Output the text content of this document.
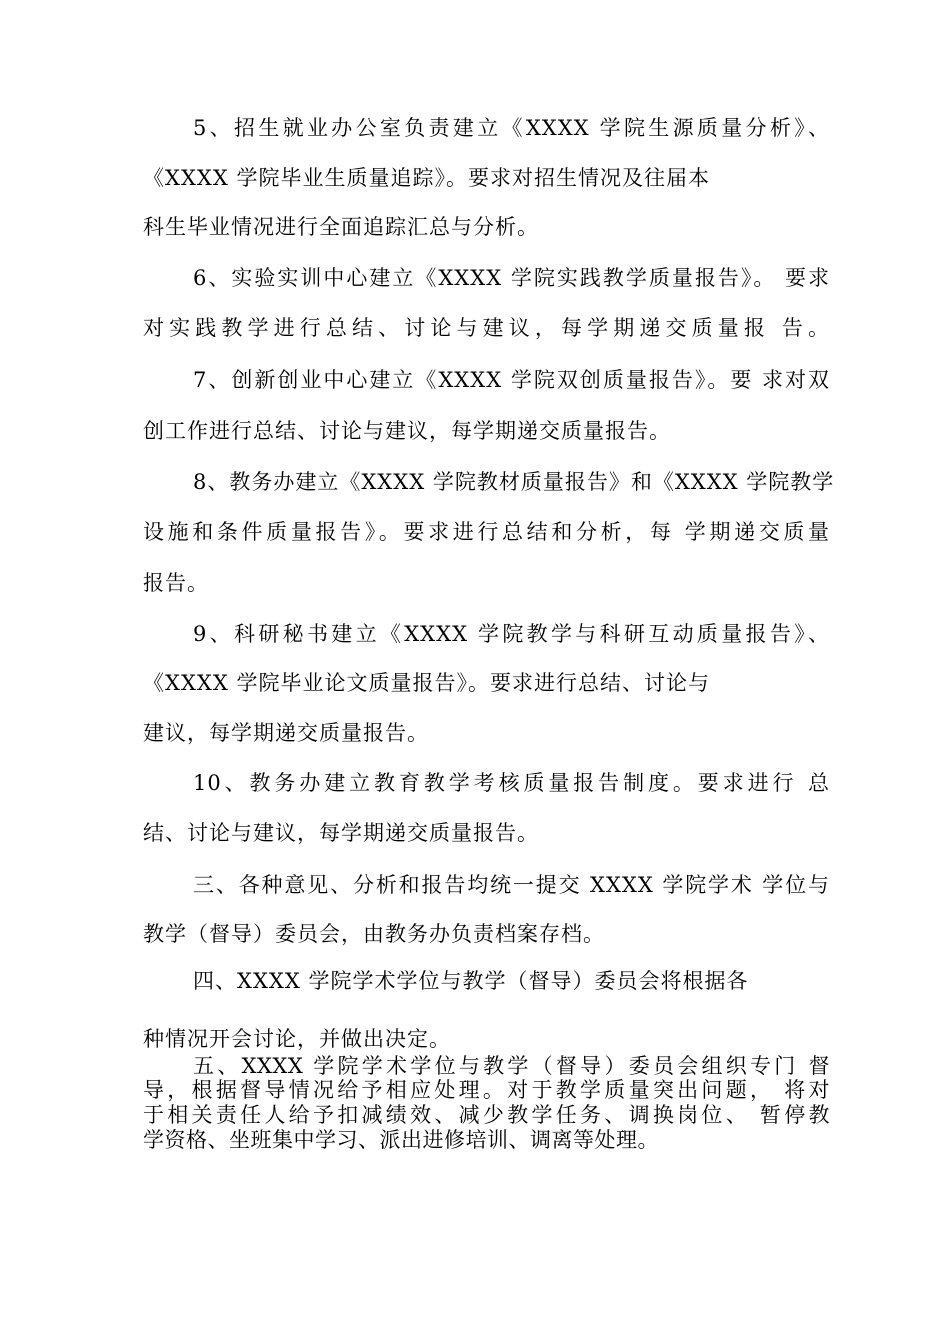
5、招生就业办公室负责建立《XXXX 学院生源质量分析》、
《XXXX 学院毕业生质量追踪》。要求对招生情况及往届本
科生毕业情况进行全面追踪汇总与分析。
6、实验实训中心建立《XXXX 学院实践教学质量报告》。 要求
对实践教学进行总结、讨论与建议，每学期递交质量报 告。
7、创新创业中心建立《XXXX 学院双创质量报告》。要 求对双
创工作进行总结、讨论与建议，每学期递交质量报告。
8、教务办建立《XXXX 学院教材质量报告》和《XXXX 学院教学
设施和条件质量报告》。要求进行总结和分析，每 学期递交质量
报告。
9、科研秘书建立《XXXX 学院教学与科研互动质量报告》、
《XXXX 学院毕业论文质量报告》。要求进行总结、讨论与
建议，每学期递交质量报告。
10、教务办建立教育教学考核质量报告制度。要求进行 总
结、讨论与建议，每学期递交质量报告。
三、各种意见、分析和报告均统一提交 XXXX 学院学术 学位与
教学（督导）委员会，由教务办负责档案存档。
四、XXXX 学院学术学位与教学（督导）委员会将根据各
种情况开会讨论，并做出决定。
五、XXXX 学院学术学位与教学（督导）委员会组织专门 督
导，根据督导情况给予相应处理。对于教学质量突出问题， 将对
于相关责任人给予扣减绩效、减少教学任务、调换岗位、 暂停教
学资格、坐班集中学习、派出进修培训、调离等处理。
